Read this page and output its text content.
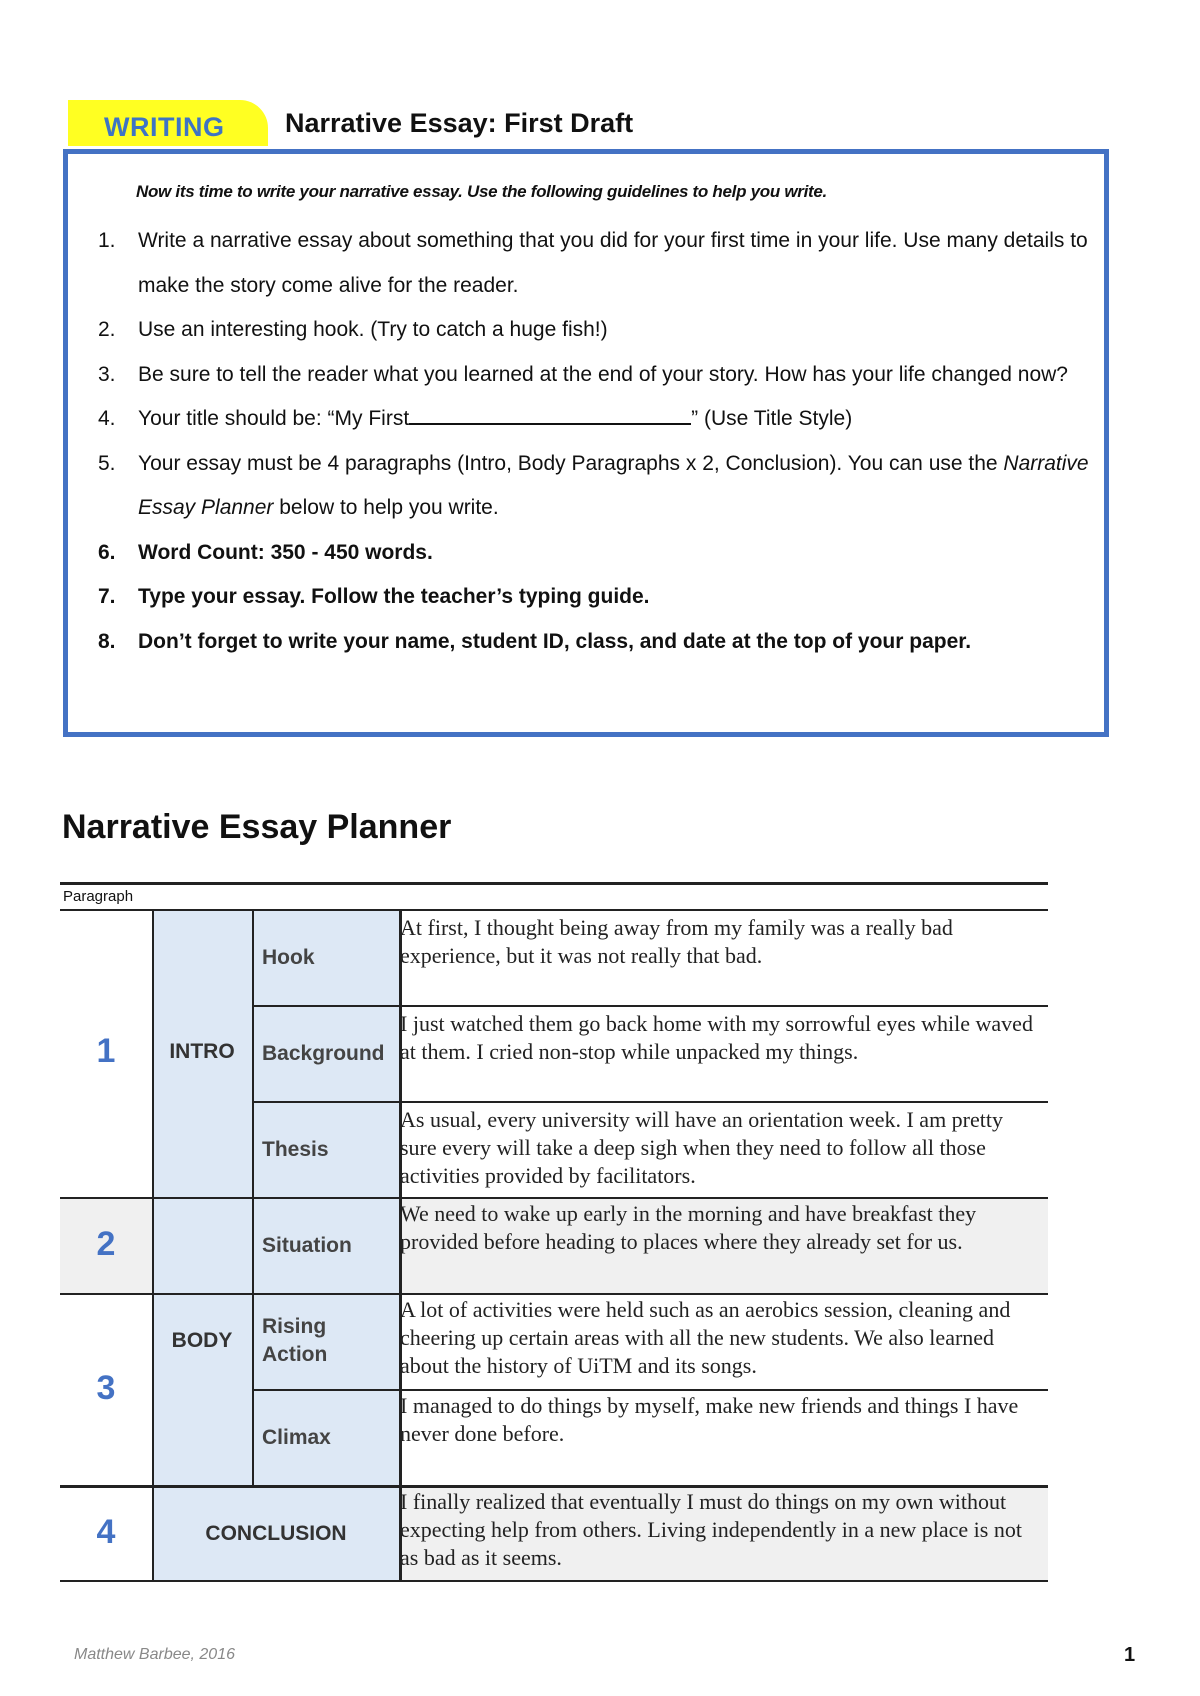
WRITING Narrative Essay: First Draft
Now its time to write your narrative essay. Use the following guidelines to help you write.
1. Write a narrative essay about something that you did for your first time in your life. Use many details to make the story come alive for the reader.
2. Use an interesting hook. (Try to catch a huge fish!)
3. Be sure to tell the reader what you learned at the end of your story. How has your life changed now?
4. Your title should be: “My First	” (Use Title Style)
5. Your essay must be 4 paragraphs (Intro, Body Paragraphs x 2, Conclusion). You can use the Narrative Essay Planner below to help you write.
6. Word Count: 350 - 450 words.
7. Type your essay. Follow the teacher’s typing guide.
8. Don’t forget to write your name, student ID, class, and date at the top of your paper.
Narrative Essay Planner
Paragraph
1
2
3
4
INTRO
BODY
CONCLUSION
Hook
Background
Thesis
Situation
Rising Action
Climax
At first, I thought being away from my family was a really bad experience, but it was not really that bad.
I just watched them go back home with my sorrowful eyes while waved at them. I cried non-stop while unpacked my things.
As usual, every university will have an orientation week. I am pretty sure every will take a deep sigh when they need to follow all those activities provided by facilitators.
We need to wake up early in the morning and have breakfast they provided before heading to places where they already set for us.
A lot of activities were held such as an aerobics session, cleaning and cheering up certain areas with all the new students. We also learned about the history of UiTM and its songs.
I managed to do things by myself, make new friends and things I have never done before.
I finally realized that eventually I must do things on my own without expecting help from others. Living independently in a new place is not as bad as it seems.
Matthew Barbee, 2016	1
